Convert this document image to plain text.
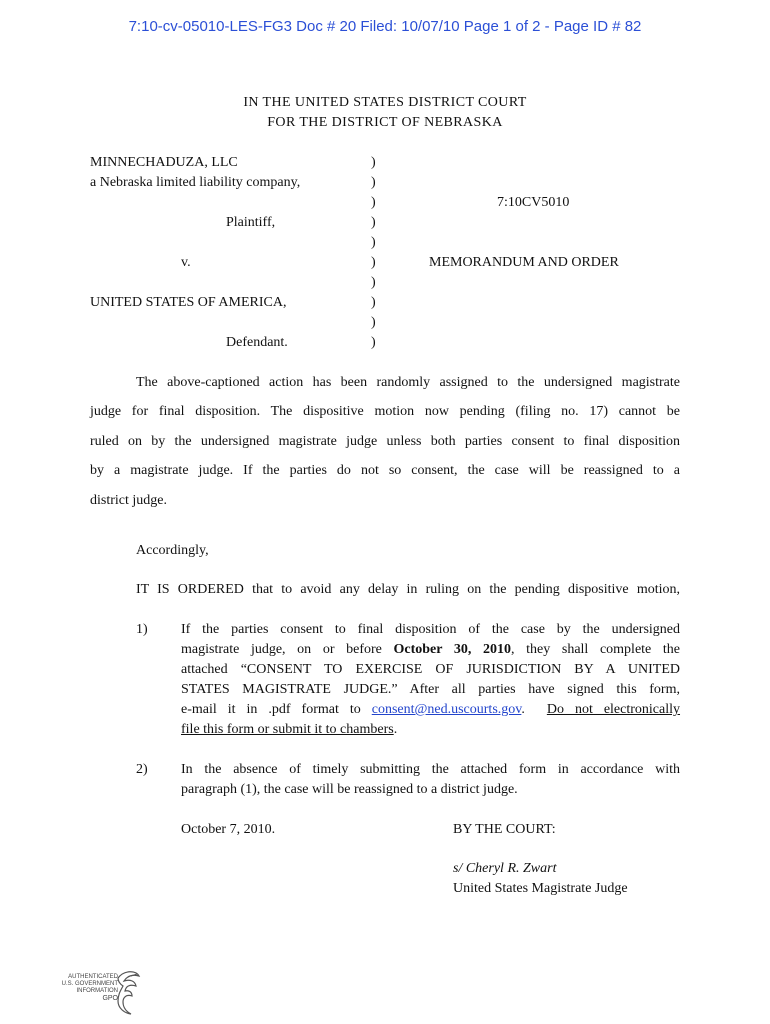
7:10-cv-05010-LES-FG3 Doc # 20 Filed: 10/07/10 Page 1 of 2 - Page ID # 82
IN THE UNITED STATES DISTRICT COURT
FOR THE DISTRICT OF NEBRASKA
MINNECHADUZA, LLC
a Nebraska limited liability company,
Plaintiff,
v.
UNITED STATES OF AMERICA,
Defendant.
)
)
)
)
)
)
)
)
)
)
7:10CV5010
MEMORANDUM AND ORDER
The above-captioned action has been randomly assigned to the undersigned magistrate
judge for final disposition. The dispositive motion now pending (filing no. 17) cannot be
ruled on by the undersigned magistrate judge unless both parties consent to final disposition
by a magistrate judge. If the parties do not so consent, the case will be reassigned to a
district judge.
Accordingly,
IT IS ORDERED that to avoid any delay in ruling on the pending dispositive motion,
1) If the parties consent to final disposition of the case by the undersigned
magistrate judge, on or before October 30, 2010, they shall complete the
attached “CONSENT TO EXERCISE OF JURISDICTION BY A UNITED
STATES MAGISTRATE JUDGE.” After all parties have signed this form,
e-mail it in .pdf format to consent@ned.uscourts.gov.  Do not electronically
file this form or submit it to chambers.
2) In the absence of timely submitting the attached form in accordance with
paragraph (1), the case will be reassigned to a district judge.
October 7, 2010.	BY THE COURT:
s/ Cheryl R. Zwart
United States Magistrate Judge
AUTHENTICATED
U.S. GOVERNMENT
INFORMATION
GPO
